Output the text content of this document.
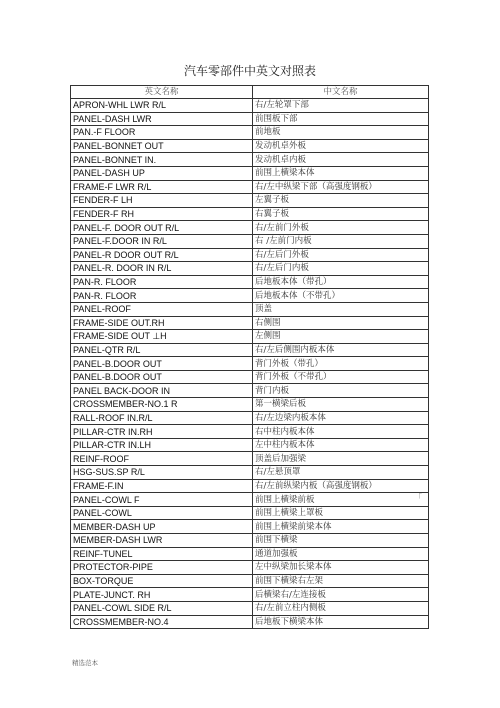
汽车零部件中英文对照表
英文名称	中文名称
APRON-WHL LWR R/L	右/左轮罩下部
PANEL-DASH LWR	前围板下部
PAN.-F FLOOR	前地板
PANEL-BONNET OUT	发动机卓外板
PANEL-BONNET IN.	发动机卓内板
PANEL-DASH UP	前围上横梁本体
FRAME-F LWR R/L	右/左中纵梁下部（高强度钢板）
FENDER-F LH	左翼子板
FENDER-F RH	右翼子板
PANEL-F. DOOR OUT R/L	右/左前门外板
PANEL-F.DOOR IN R/L	右 /左前门内板
PANEL-R DOOR OUT R/L	右/左后门外板
PANEL-R. DOOR IN R/L	右/左后门内板
PAN-R. FLOOR	后地板本体（带孔）
PAN-R. FLOOR	后地板本体（不带孔）
PANEL-ROOF	顶盖
FRAME-SIDE OUT.RH	右侧围
FRAME-SIDE OUT ⊥H	左侧围
PANEL-QTR R/L	右/左后侧围内板本体
PANEL-B.DOOR OUT	背门外板（带孔）
PANEL-B.DOOR OUT	背门外板（不带孔）
PANEL BACK-DOOR IN	背门内板
CROSSMEMBER-NO.1 R	第一横梁后板
RALL-ROOF IN.R/L	右/左边梁内板本体
PILLAR-CTR IN.RH	右中柱内板本体
PILLAR-CTR IN.LH	左中柱内板本体
REINF-ROOF	顶盖后加强梁
HSG-SUS.SP R/L	右/左悬顶罩
FRAME-F.IN	右/左前纵梁内板（高强度钢板）
PANEL-COWL F	前围上横梁前板
PANEL-COWL	前围上横梁上罩板
MEMBER-DASH UP	前围上横梁前梁本体
MEMBER-DASH LWR	前围下横梁
REINF-TUNEL	通道加强板
PROTECTOR-PIPE	左中纵梁加长梁本体
BOX-TORQUE	前围下横梁右左架
PLATE-JUNCT. RH	后横梁右/左连接板
PANEL-COWL SIDE R/L	右/左前立柱内侧板
CROSSMEMBER-NO.4	后地板下横梁本体
「
精选范本
